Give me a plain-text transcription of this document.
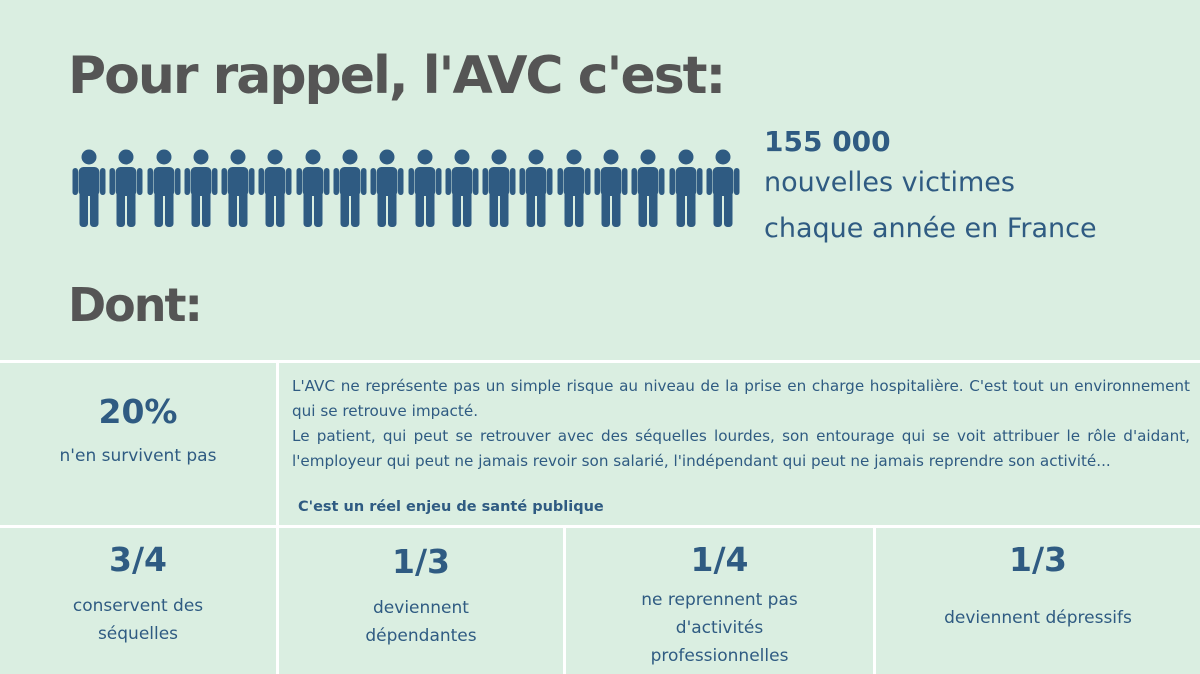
Pour rappel, l'AVC c'est:
155 000
nouvelles victimes
chaque année en France
Dont:
20%
n'en survivent pas

L'AVC ne représente pas un simple risque au niveau de la prise en charge hospitalière. C'est tout un environnement qui se retrouve impacté.

Le patient, qui peut se retrouver avec des séquelles lourdes, son entourage qui se voit attribuer le rôle d'aidant, l'employeur qui peut ne jamais revoir son salarié, l'indépendant qui peut ne jamais reprendre son activité...

C'est un réel enjeu de santé publique
3/4
conservent des
séquelles
1/3
deviennent
dépendantes
1/4
ne reprennent pas
d'activités
professionnelles
1/3
deviennent dépressifs
